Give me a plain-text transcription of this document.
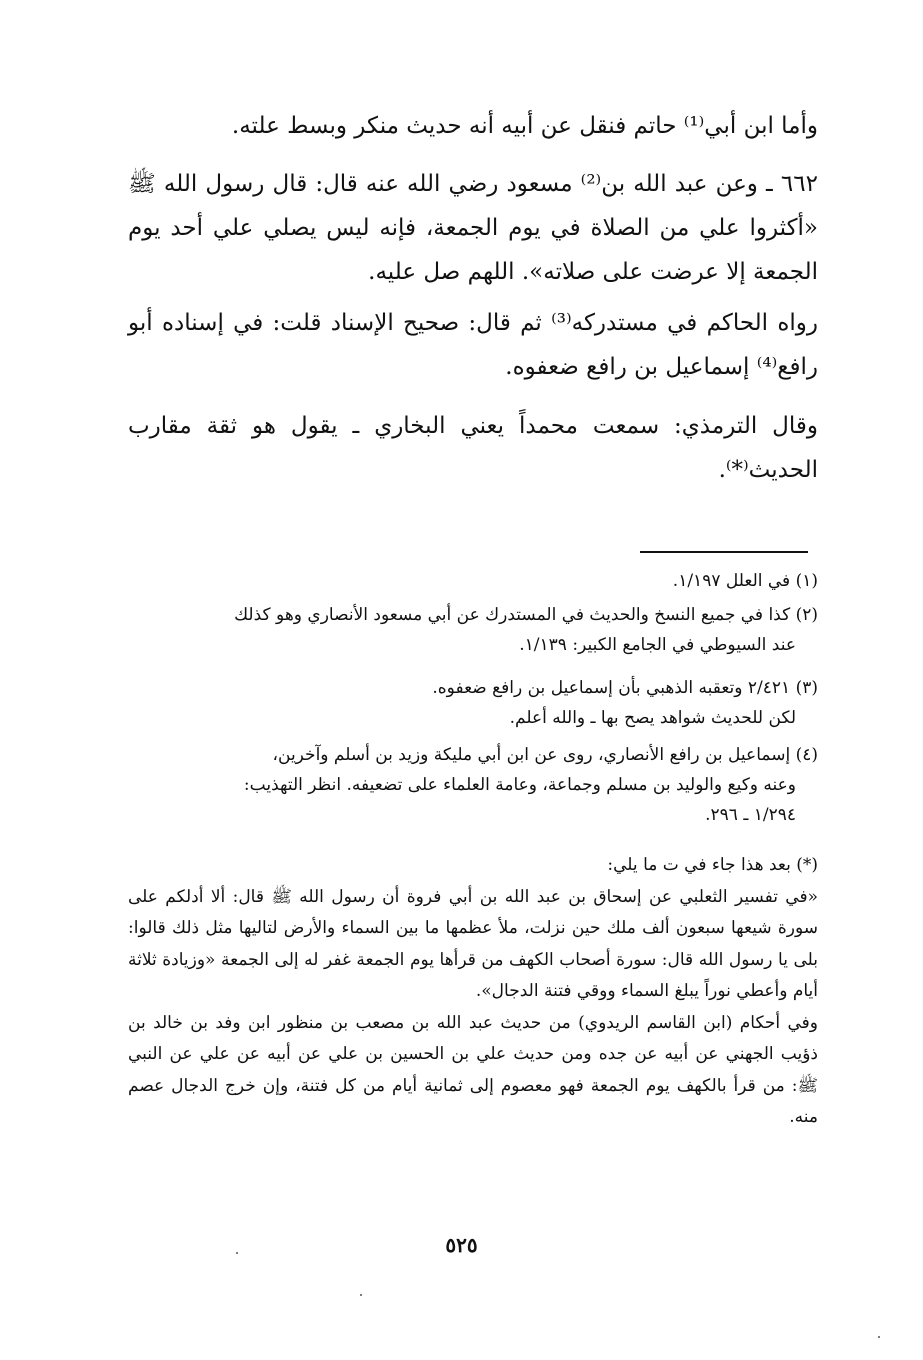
وأما ابن أبي⁽¹⁾ حاتم فنقل عن أبيه أنه حديث منكر وبسط علته.

٦٦٢ ـ وعن عبد الله بن⁽²⁾ مسعود رضي الله عنه قال: قال رسول الله ﷺ «أكثروا علي من الصلاة في يوم الجمعة، فإنه ليس يصلي علي أحد يوم الجمعة إلا عرضت على صلاته». اللهم صل عليه.

رواه الحاكم في مستدركه⁽³⁾ ثم قال: صحيح الإسناد قلت: في إسناده أبو رافع⁽⁴⁾ إسماعيل بن رافع ضعفوه.

وقال الترمذي: سمعت محمداً يعني البخاري ـ يقول هو ثقة مقارب الحديث⁽*⁾.

(١) في العلل ١/١٩٧.

(٢) كذا في جميع النسخ والحديث في المستدرك عن أبي مسعود الأنصاري وهو كذلك

عند السيوطي في الجامع الكبير: ١/١٣٩.

(٣) ٢/٤٢١ وتعقبه الذهبي بأن إسماعيل بن رافع ضعفوه.

لكن للحديث شواهد يصح بها ـ والله أعلم.

(٤) إسماعيل بن رافع الأنصاري، روى عن ابن أبي مليكة وزيد بن أسلم وآخرين،

وعنه وكيع والوليد بن مسلم وجماعة، وعامة العلماء على تضعيفه. انظر التهذيب:

١/٢٩٤ ـ ٢٩٦.

(*) بعد هذا جاء في ت ما يلي:

«في تفسير الثعلبي عن إسحاق بن عبد الله بن أبي فروة أن رسول الله ﷺ قال: ألا أدلكم على سورة شيعها سبعون ألف ملك حين نزلت، ملأ عظمها ما بين السماء والأرض لتاليها مثل ذلك قالوا: بلى يا رسول الله قال: سورة أصحاب الكهف من قرأها يوم الجمعة غفر له إلى الجمعة «وزيادة ثلاثة أيام وأعطي نوراً يبلغ السماء ووقي فتنة الدجال».

وفي أحكام (ابن القاسم الريدوي) من حديث عبد الله بن مصعب بن منظور ابن وفد بن خالد بن ذؤيب الجهني عن أبيه عن جده ومن حديث علي بن الحسين بن علي عن أبيه عن علي عن النبي ﷺ: من قرأ بالكهف يوم الجمعة فهو معصوم إلى ثمانية أيام من كل فتنة، وإن خرج الدجال عصم منه.

٥٢٥
